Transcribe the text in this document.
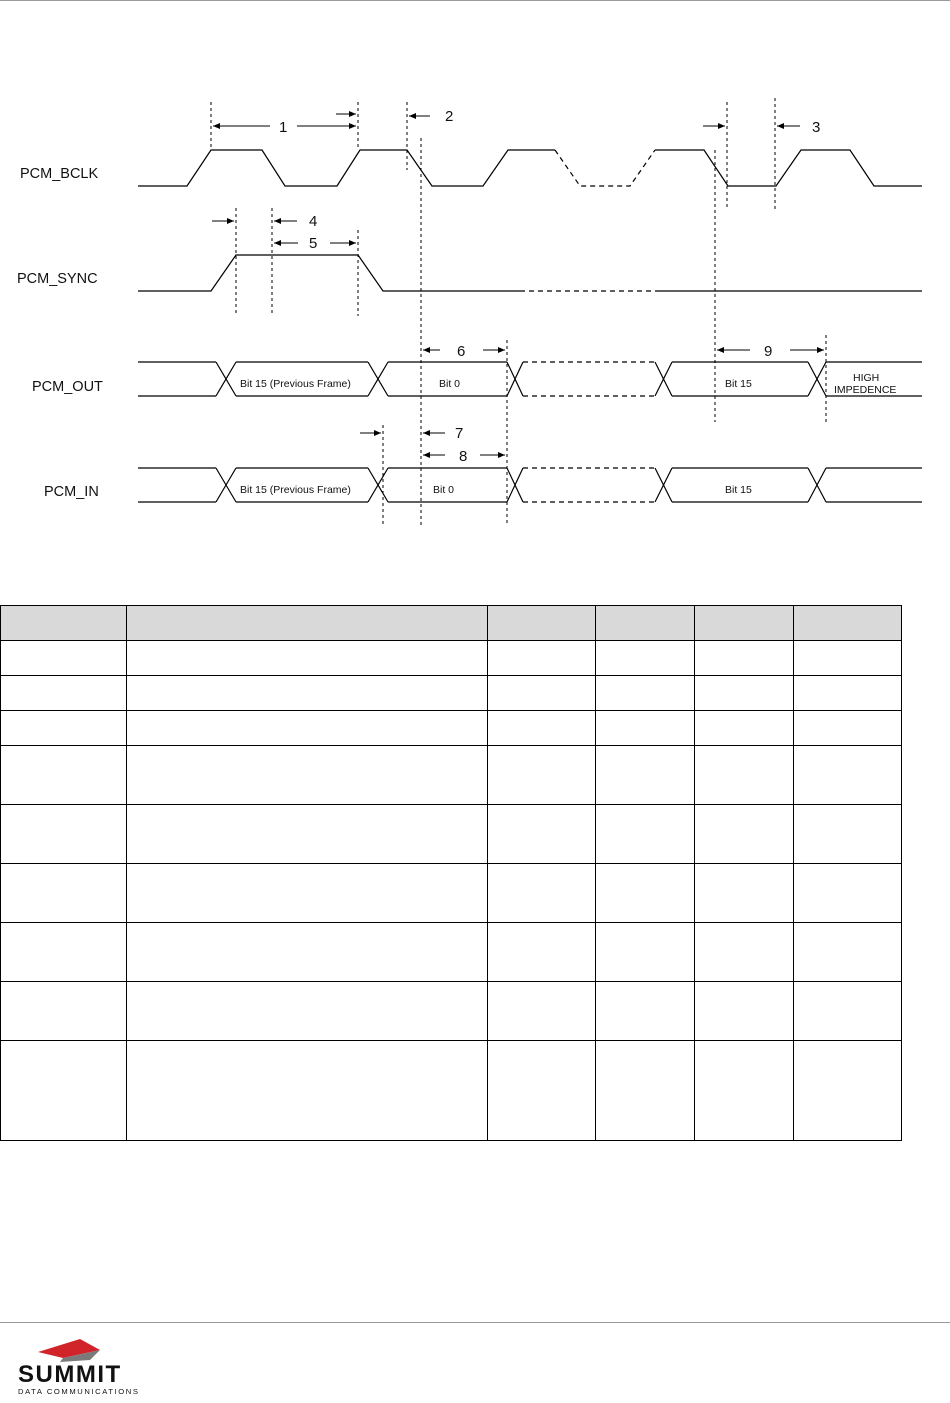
PCM_BCLK
PCM_SYNC
PCM_OUT
PCM_IN
1
2
3
4
5
6
7
8
9
Bit 15 (Previous Frame)	Bit 0	Bit 15	HIGH
IMPEDENCE
Bit 15 (Previous Frame)	Bit 0	Bit 15

SUMMIT
DATA COMMUNICATIONS
